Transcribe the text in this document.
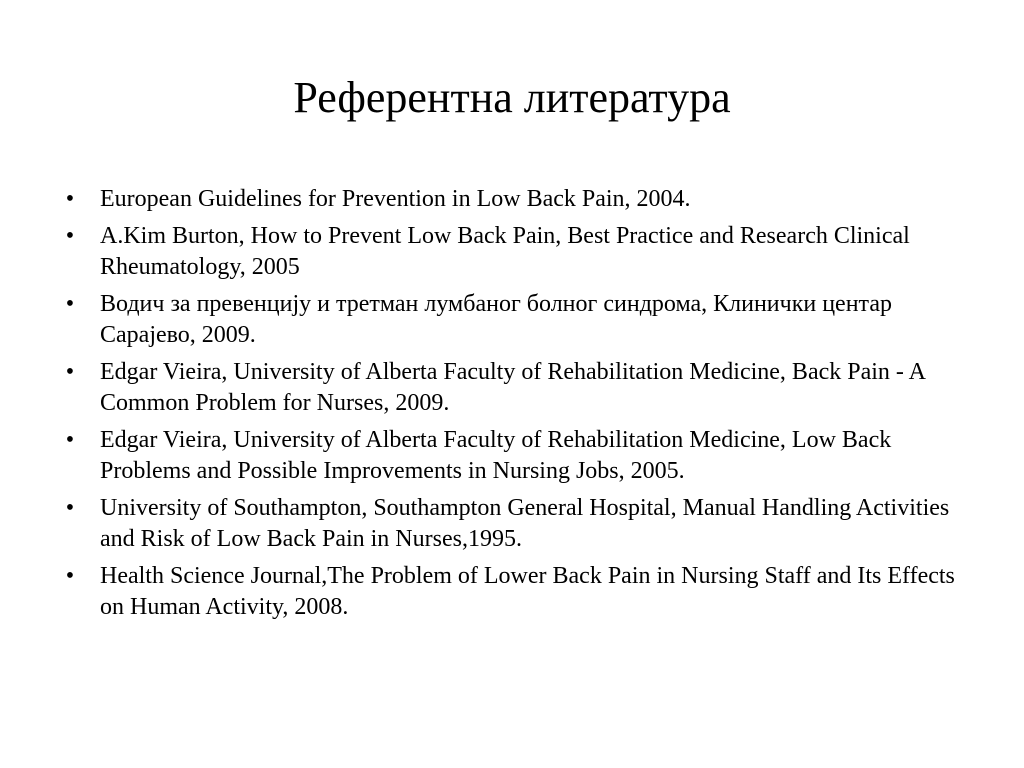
Референтна литература
• European Guidelines for Prevention in Low Back Pain, 2004.
• A.Kim Burton, How to Prevent Low Back Pain, Best Practice and Research Clinical Rheumatology, 2005
• Водич за превенцију и третман лумбаног болног синдрома, Клинички центар Сарајево, 2009.
• Edgar Vieira, University of Alberta Faculty of Rehabilitation Medicine, Back Pain - A Common Problem for Nurses, 2009.
• Edgar Vieira, University of Alberta Faculty of Rehabilitation Medicine, Low Back Problems and Possible Improvements in Nursing Jobs, 2005.
• University of Southampton, Southampton General Hospital, Manual Handling Activities and Risk of Low Back Pain in Nurses,1995.
• Health Science Journal,The Problem of Lower Back Pain in Nursing Staff and Its Effects on Human Activity, 2008.
